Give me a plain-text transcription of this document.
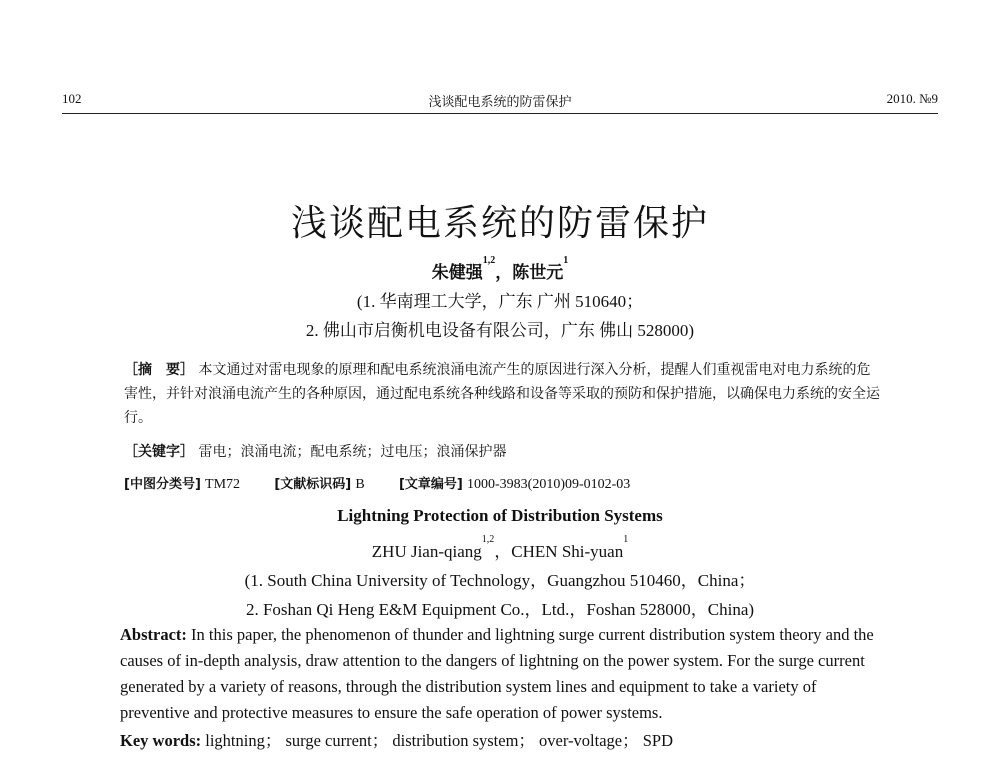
102	浅谈配电系统的防雷保护	2010. №9
浅谈配电系统的防雷保护
朱健强$^{1,2}$，陈世元$^1$
(1. 华南理工大学，广东 广州 510640；
2. 佛山市启衡机电设备有限公司，广东 佛山 528000)
［摘　要］ 本文通过对雷电现象的原理和配电系统浪涌电流产生的原因进行深入分析，提醒人们重视雷电对电力系统的危害性，并针对浪涌电流产生的各种原因，通过配电系统各种线路和设备等采取的预防和保护措施，以确保电力系统的安全运行。
［关键字］ 雷电；浪涌电流；配电系统；过电压；浪涌保护器
[中图分类号] TM72	[文献标识码] B	[文章编号] 1000-3983(2010)09-0102-03
Lightning Protection of Distribution Systems
ZHU Jian-qiang$^{1,2}$，CHEN Shi-yuan$^1$
(1. South China University of Technology，Guangzhou 510460，China；
2. Foshan Qi Heng E&M Equipment Co.，Ltd.，Foshan 528000，China)
Abstract: In this paper, the phenomenon of thunder and lightning surge current distribution system theory and the causes of in-depth analysis, draw attention to the dangers of lightning on the power system. For the surge current generated by a variety of reasons, through the distribution system lines and equipment to take a variety of preventive and protective measures to ensure the safe operation of power systems.
Key words: lightning； surge current； distribution system； over-voltage； SPD
